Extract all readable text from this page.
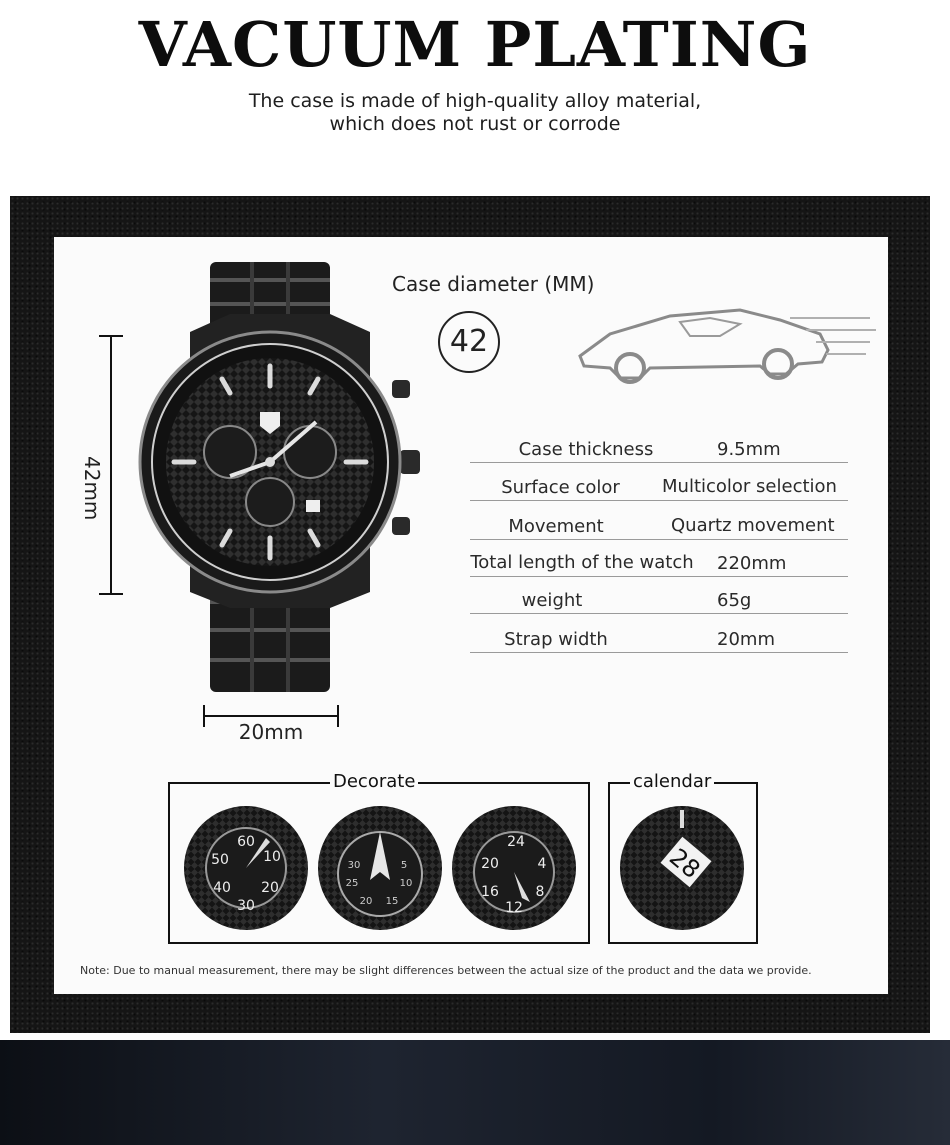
VACUUM PLATING
The case is made of high-quality alloy material,
which does not rust or corrode
42mm
20mm
Case diameter (MM)
42
Case thickness	9.5mm
Surface color	Multicolor selection
Movement	Quartz movement
Total length of the watch 220mm
weight	65g
Strap width	20mm
Decorate
60
10
50
40 20
30
30
25
20 15
10
5
24
20	4
16	8
12
calendar
28
Note: Due to manual measurement, there may be slight differences between the actual size of the product and the data we provide.
